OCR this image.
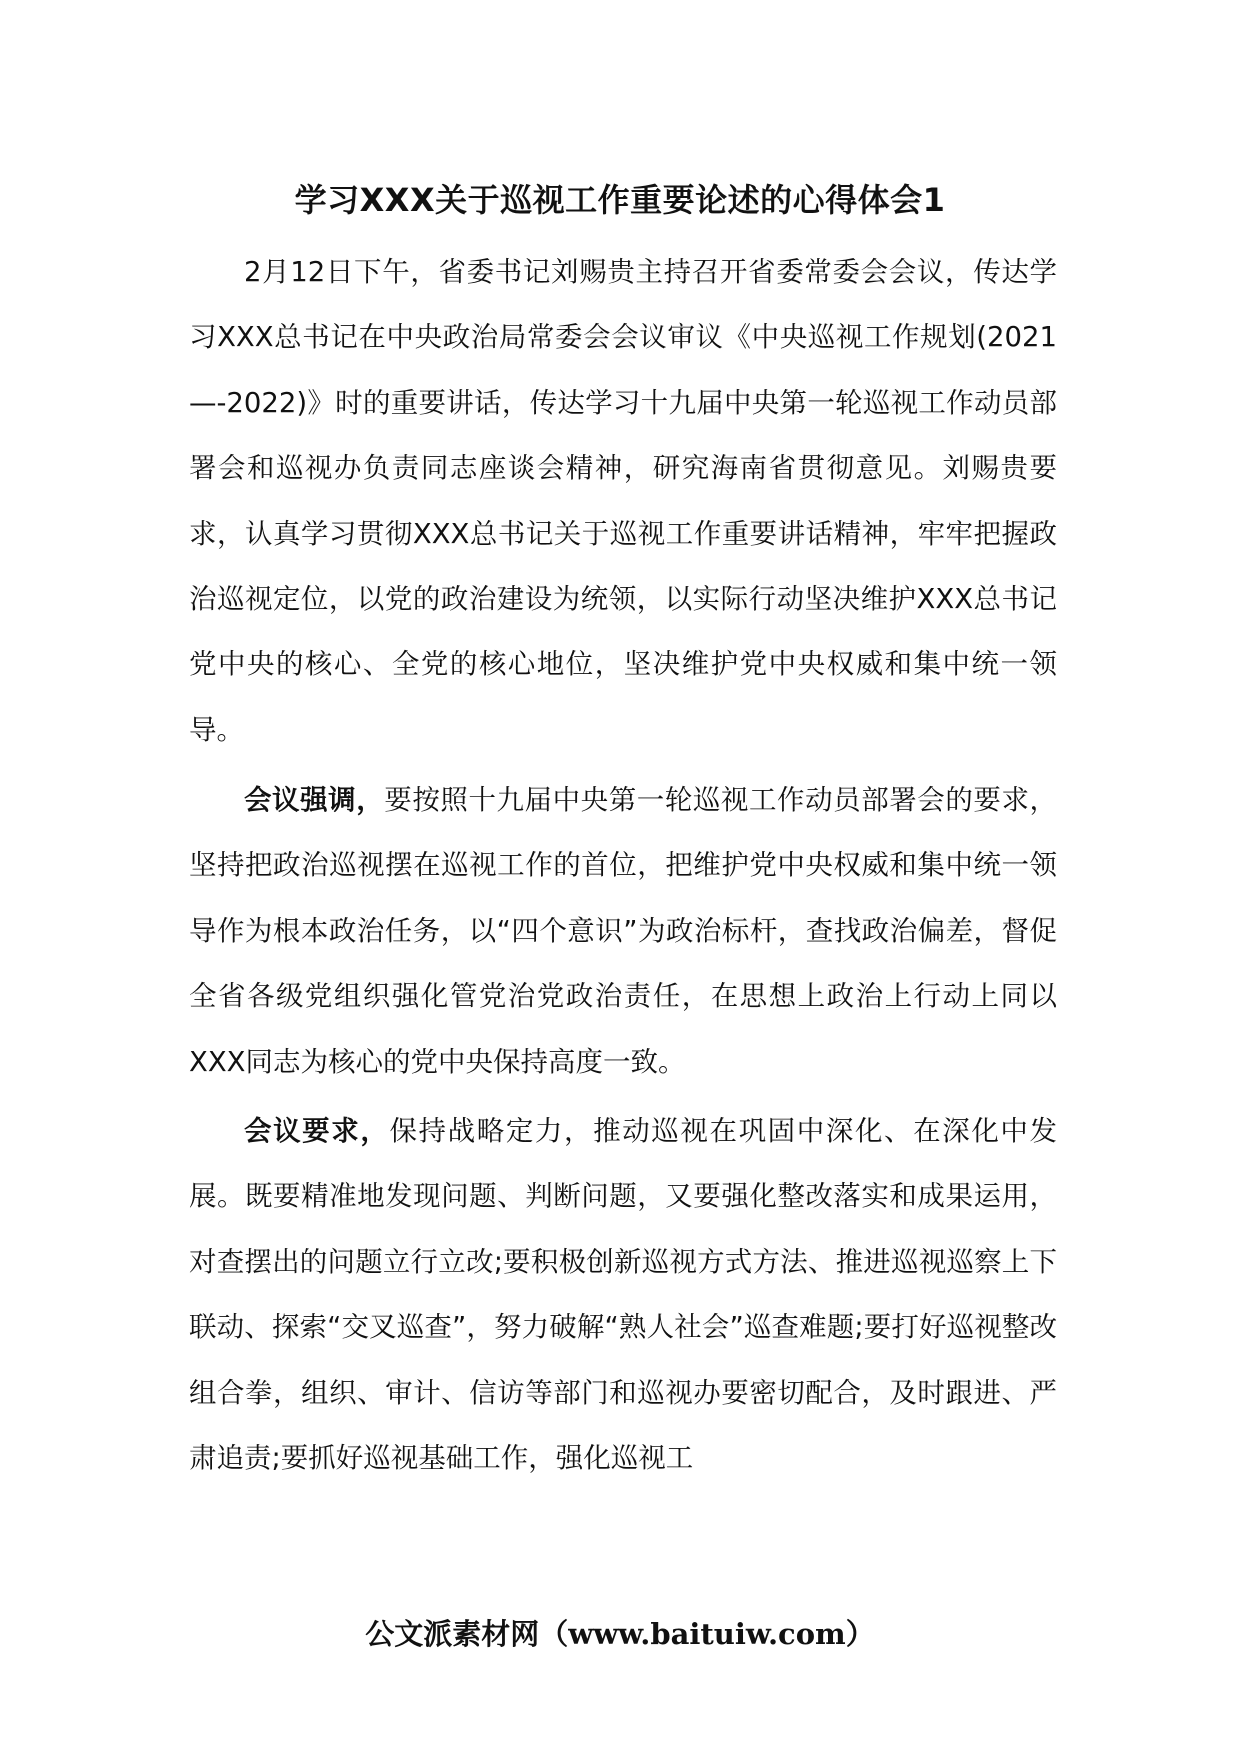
学习XXX关于巡视工作重要论述的心得体会1

2月12日下午，省委书记刘赐贵主持召开省委常委会会议，传达学习XXX总书记在中央政治局常委会会议审议《中央巡视工作规划(2021—-2022)》时的重要讲话，传达学习十九届中央第一轮巡视工作动员部署会和巡视办负责同志座谈会精神，研究海南省贯彻意见。刘赐贵要求，认真学习贯彻XXX总书记关于巡视工作重要讲话精神，牢牢把握政治巡视定位，以党的政治建设为统领，以实际行动坚决维护XXX总书记党中央的核心、全党的核心地位，坚决维护党中央权威和集中统一领导。

会议强调，要按照十九届中央第一轮巡视工作动员部署会的要求，坚持把政治巡视摆在巡视工作的首位，把维护党中央权威和集中统一领导作为根本政治任务，以“四个意识”为政治标杆，查找政治偏差，督促全省各级党组织强化管党治党政治责任，在思想上政治上行动上同以XXX同志为核心的党中央保持高度一致。

会议要求，保持战略定力，推动巡视在巩固中深化、在深化中发展。既要精准地发现问题、判断问题，又要强化整改落实和成果运用，对查摆出的问题立行立改;要积极创新巡视方式方法、推进巡视巡察上下联动、探索“交叉巡查”，努力破解“熟人社会”巡查难题;要打好巡视整改组合拳，组织、审计、信访等部门和巡视办要密切配合，及时跟进、严肃追责;要抓好巡视基础工作，强化巡视工

公文派素材网（www.baituiw.com）
